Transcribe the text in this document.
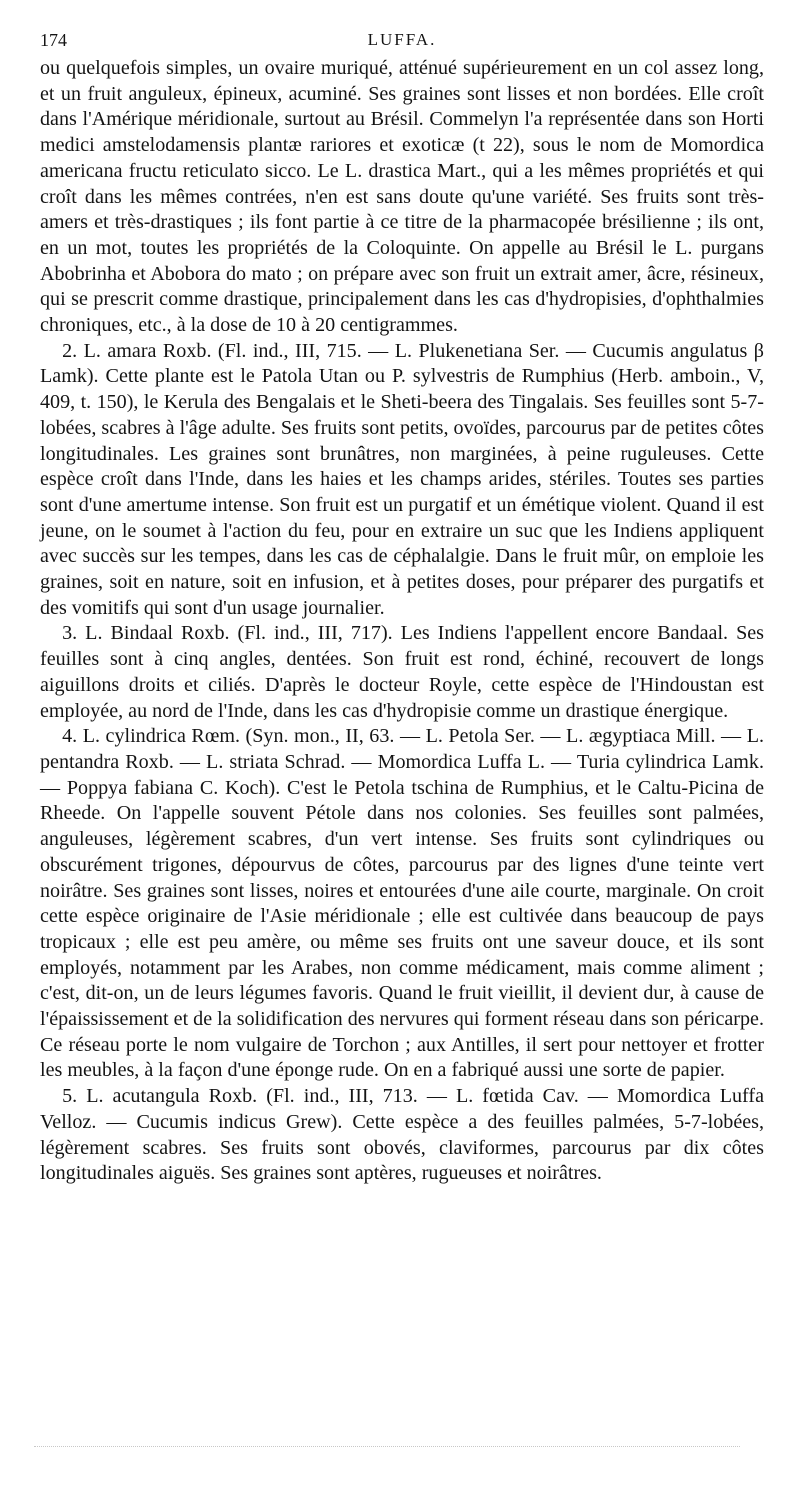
174	LUFFA.

ou quelquefois simples, un ovaire muriqué, atténué supérieurement en un col assez long, et un fruit anguleux, épineux, acuminé. Ses graines sont lisses et non bordées. Elle croît dans l'Amérique méridionale, surtout au Brésil. Commelyn l'a représentée dans son Horti medici amstelodamensis plantæ rariores et exoticæ (t 22), sous le nom de Momordica americana fructu reticulato sicco. Le L. drastica Mart., qui a les mêmes propriétés et qui croît dans les mêmes contrées, n'en est sans doute qu'une variété. Ses fruits sont très-amers et très-drastiques ; ils font partie à ce titre de la pharmacopée brésilienne ; ils ont, en un mot, toutes les propriétés de la Coloquinte. On appelle au Brésil le L. purgans Abobrinha et Abobora do mato ; on prépare avec son fruit un extrait amer, âcre, résineux, qui se prescrit comme drastique, principalement dans les cas d'hydropisies, d'ophthalmies chroniques, etc., à la dose de 10 à 20 centigrammes.

2. L. amara Roxb. (Fl. ind., III, 715. — L. Plukenetiana Ser. — Cucumis angulatus β Lamk). Cette plante est le Patola Utan ou P. sylvestris de Rumphius (Herb. amboin., V, 409, t. 150), le Kerula des Bengalais et le Sheti-beera des Tingalais. Ses feuilles sont 5-7-lobées, scabres à l'âge adulte. Ses fruits sont petits, ovoïdes, parcourus par de petites côtes longitudinales. Les graines sont brunâtres, non marginées, à peine ruguleuses. Cette espèce croît dans l'Inde, dans les haies et les champs arides, stériles. Toutes ses parties sont d'une amertume intense. Son fruit est un purgatif et un émétique violent. Quand il est jeune, on le soumet à l'action du feu, pour en extraire un suc que les Indiens appliquent avec succès sur les tempes, dans les cas de céphalalgie. Dans le fruit mûr, on emploie les graines, soit en nature, soit en infusion, et à petites doses, pour préparer des purgatifs et des vomitifs qui sont d'un usage journalier.

3. L. Bindaal Roxb. (Fl. ind., III, 717). Les Indiens l'appellent encore Bandaal. Ses feuilles sont à cinq angles, dentées. Son fruit est rond, échiné, recouvert de longs aiguillons droits et ciliés. D'après le docteur Royle, cette espèce de l'Hindoustan est employée, au nord de l'Inde, dans les cas d'hydropisie comme un drastique énergique.

4. L. cylindrica Rœm. (Syn. mon., II, 63. — L. Petola Ser. — L. ægyptiaca Mill. — L. pentandra Roxb. — L. striata Schrad. — Momordica Luffa L. — Turia cylindrica Lamk. — Poppya fabiana C. Koch). C'est le Petola tschina de Rumphius, et le Caltu-Picina de Rheede. On l'appelle souvent Pétole dans nos colonies. Ses feuilles sont palmées, anguleuses, légèrement scabres, d'un vert intense. Ses fruits sont cylindriques ou obscurément trigones, dépourvus de côtes, parcourus par des lignes d'une teinte vert noirâtre. Ses graines sont lisses, noires et entourées d'une aile courte, marginale. On croit cette espèce originaire de l'Asie méridionale ; elle est cultivée dans beaucoup de pays tropicaux ; elle est peu amère, ou même ses fruits ont une saveur douce, et ils sont employés, notamment par les Arabes, non comme médicament, mais comme aliment ; c'est, dit-on, un de leurs légumes favoris. Quand le fruit vieillit, il devient dur, à cause de l'épaississement et de la solidification des nervures qui forment réseau dans son péricarpe. Ce réseau porte le nom vulgaire de Torchon ; aux Antilles, il sert pour nettoyer et frotter les meubles, à la façon d'une éponge rude. On en a fabriqué aussi une sorte de papier.

5. L. acutangula Roxb. (Fl. ind., III, 713. — L. fœtida Cav. — Momordica Luffa Velloz. — Cucumis indicus Grew). Cette espèce a des feuilles palmées, 5-7-lobées, légèrement scabres. Ses fruits sont obovés, claviformes, parcourus par dix côtes longitudinales aiguës. Ses graines sont aptères, rugueuses et noirâtres.
